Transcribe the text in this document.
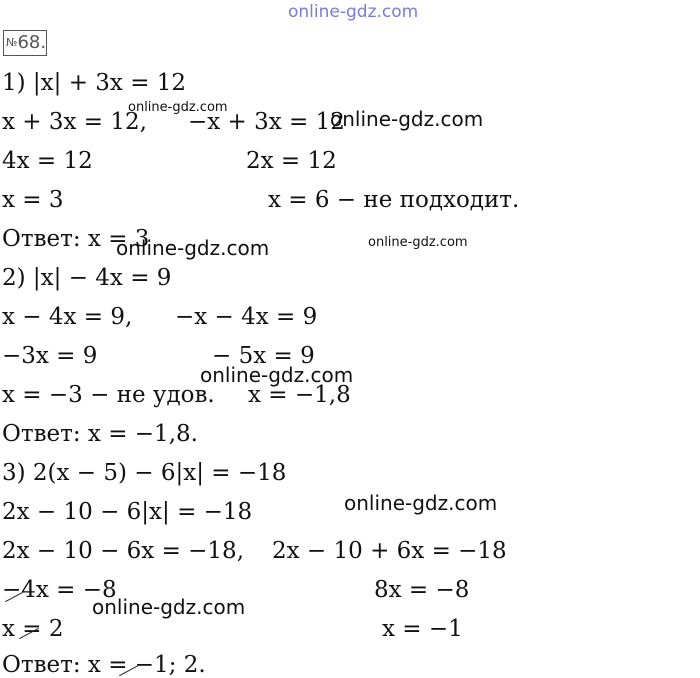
online-gdz.com
№68.
1) |x| + 3x = 12
x + 3x = 12, −x + 3x = 12
4x = 12	2x = 12
x = 3	x = 6 − не подходит.
Ответ: x = 3
2) |x| − 4x = 9
x − 4x = 9, −x − 4x = 9
−3x = 9	− 5x = 9
x = −3 − не удов. x = −1,8
Ответ: x = −1,8.
3) 2(x − 5) − 6|x| = −18
2x − 10 − 6|x| = −18
2x − 10 − 6x = −18, 2x − 10 + 6x = −18
−4x = −8	8x = −8
x = 2	x = −1
Ответ: x = −1; 2.
online-gdz.com	online-gdz.com
online-gdz.com	online-gdz.com
online-gdz.com
online-gdz.com
online-gdz.com
